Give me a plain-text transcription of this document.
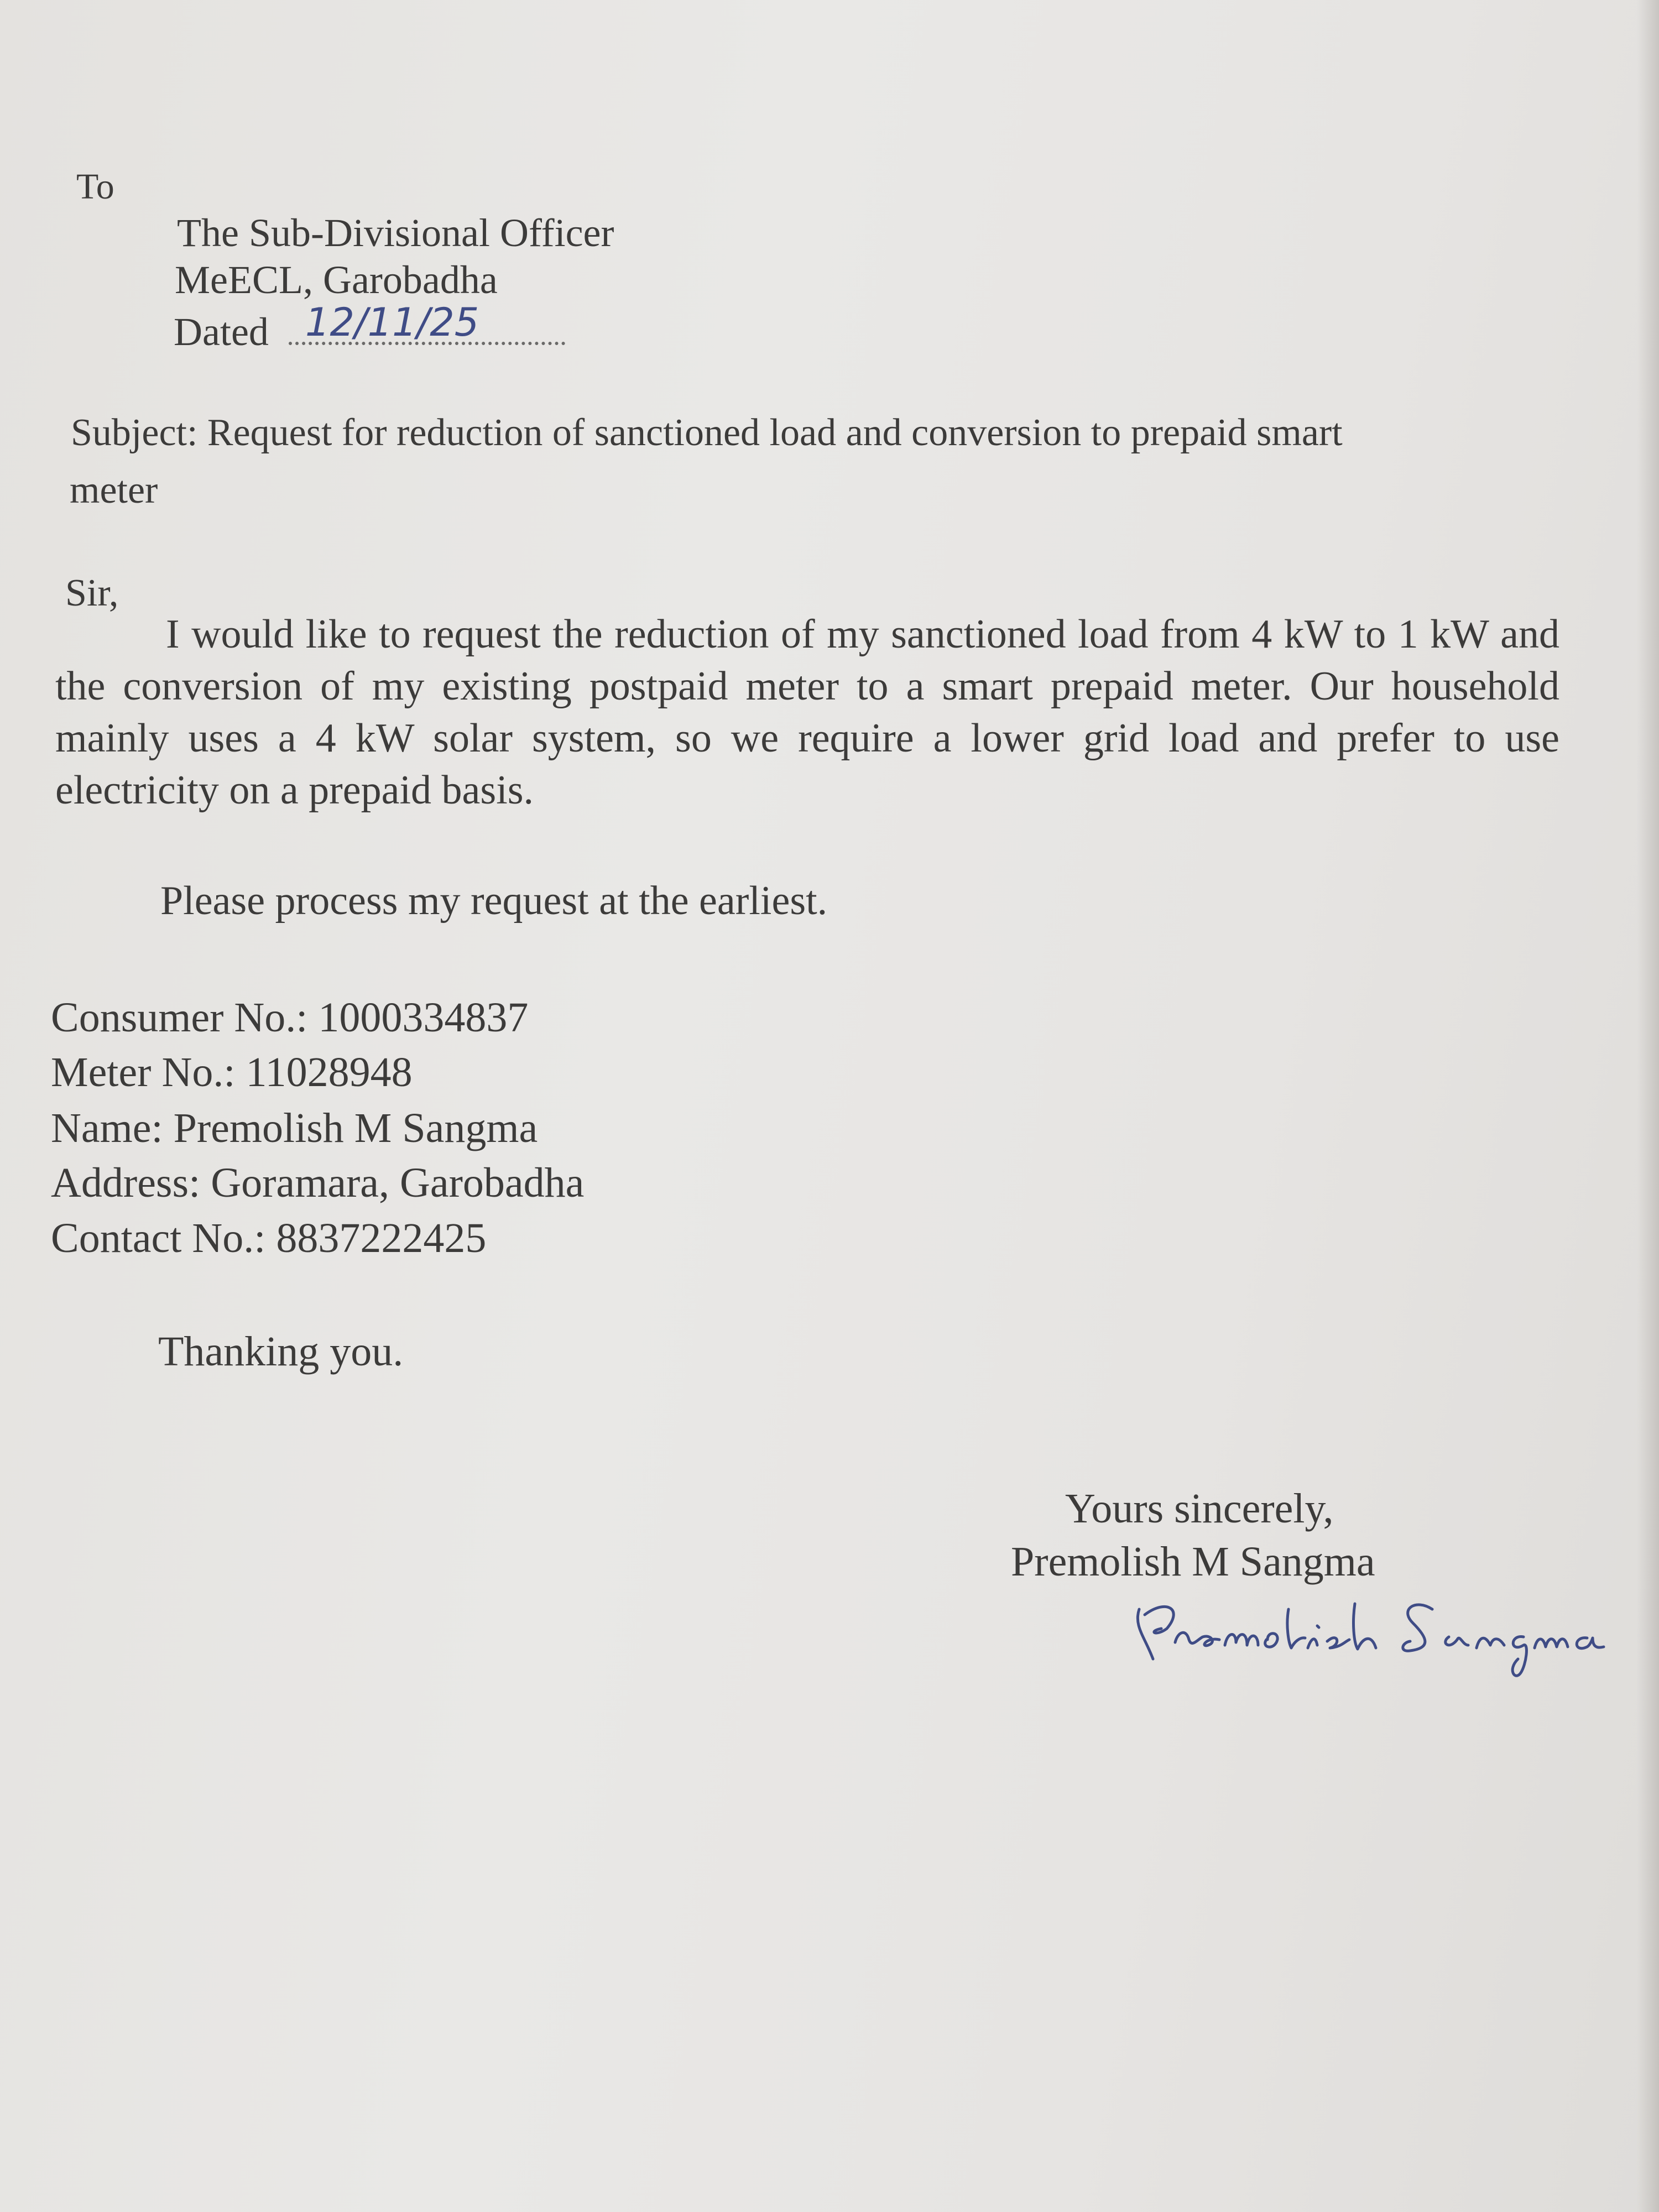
To
The Sub-Divisional Officer
MeECL, Garobadha
Dated 12/11/25
Subject: Request for reduction of sanctioned load and conversion to prepaid smart
meter
Sir,
I would like to request the reduction of my sanctioned load from 4 kW to 1 kW and the conversion of my existing postpaid meter to a smart prepaid meter. Our household mainly uses a 4 kW solar system, so we require a lower grid load and prefer to use electricity on a prepaid basis.
Please process my request at the earliest.
Consumer No.: 1000334837
Meter No.: 11028948
Name: Premolish M Sangma
Address: Goramara, Garobadha
Contact No.: 8837222425
Thanking you.
Yours sincerely,
Premolish M Sangma
